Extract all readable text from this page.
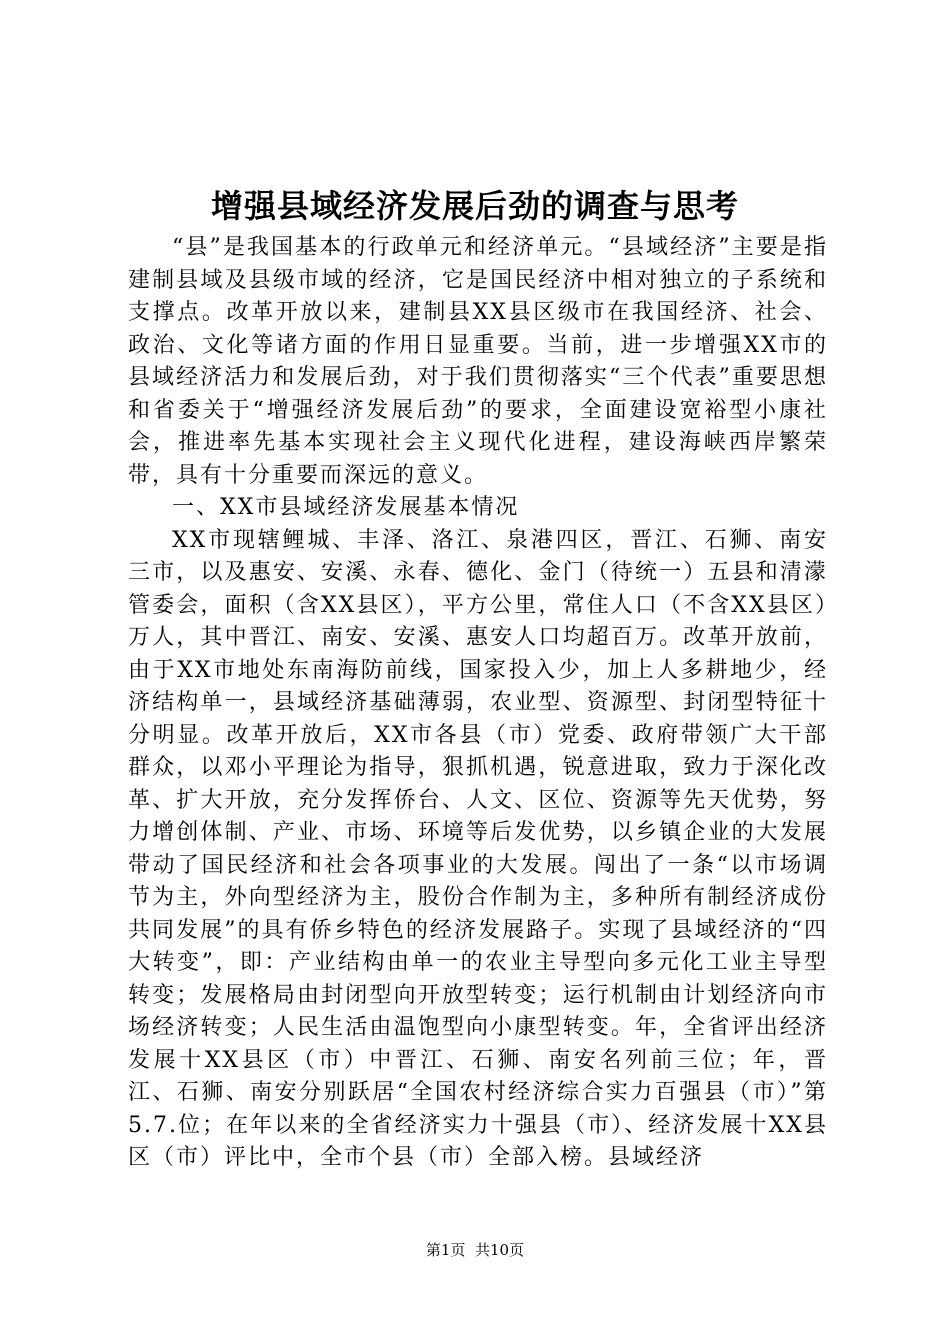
增强县域经济发展后劲的调查与思考

“县”是我国基本的行政单元和经济单元。“县域经济”主要是指建制县域及县级市域的经济，它是国民经济中相对独立的子系统和支撑点。改革开放以来，建制县XX县区级市在我国经济、社会、政治、文化等诸方面的作用日显重要。当前，进一步增强XX市的县域经济活力和发展后劲，对于我们贯彻落实“三个代表”重要思想和省委关于“增强经济发展后劲”的要求，全面建设宽裕型小康社会，推进率先基本实现社会主义现代化进程，建设海峡西岸繁荣带，具有十分重要而深远的意义。

一、XX市县域经济发展基本情况

XX市现辖鲤城、丰泽、洛江、泉港四区，晋江、石狮、南安三市，以及惠安、安溪、永春、德化、金门（待统一）五县和清濛管委会，面积（含XX县区），平方公里，常住人口（不含XX县区）万人，其中晋江、南安、安溪、惠安人口均超百万。改革开放前，由于XX市地处东南海防前线，国家投入少，加上人多耕地少，经济结构单一，县域经济基础薄弱，农业型、资源型、封闭型特征十分明显。改革开放后，XX市各县（市）党委、政府带领广大干部群众，以邓小平理论为指导，狠抓机遇，锐意进取，致力于深化改革、扩大开放，充分发挥侨台、人文、区位、资源等先天优势，努力增创体制、产业、市场、环境等后发优势，以乡镇企业的大发展带动了国民经济和社会各项事业的大发展。闯出了一条“以市场调节为主，外向型经济为主，股份合作制为主，多种所有制经济成份共同发展”的具有侨乡特色的经济发展路子。实现了县域经济的“四大转变”，即：产业结构由单一的农业主导型向多元化工业主导型转变；发展格局由封闭型向开放型转变；运行机制由计划经济向市场经济转变；人民生活由温饱型向小康型转变。年，全省评出经济发展十XX县区（市）中晋江、石狮、南安名列前三位；年，晋江、石狮、南安分别跃居“全国农村经济综合实力百强县（市）”第5.7.位；在年以来的全省经济实力十强县（市）、经济发展十XX县区（市）评比中，全市个县（市）全部入榜。县域经济

第1页 共10页
